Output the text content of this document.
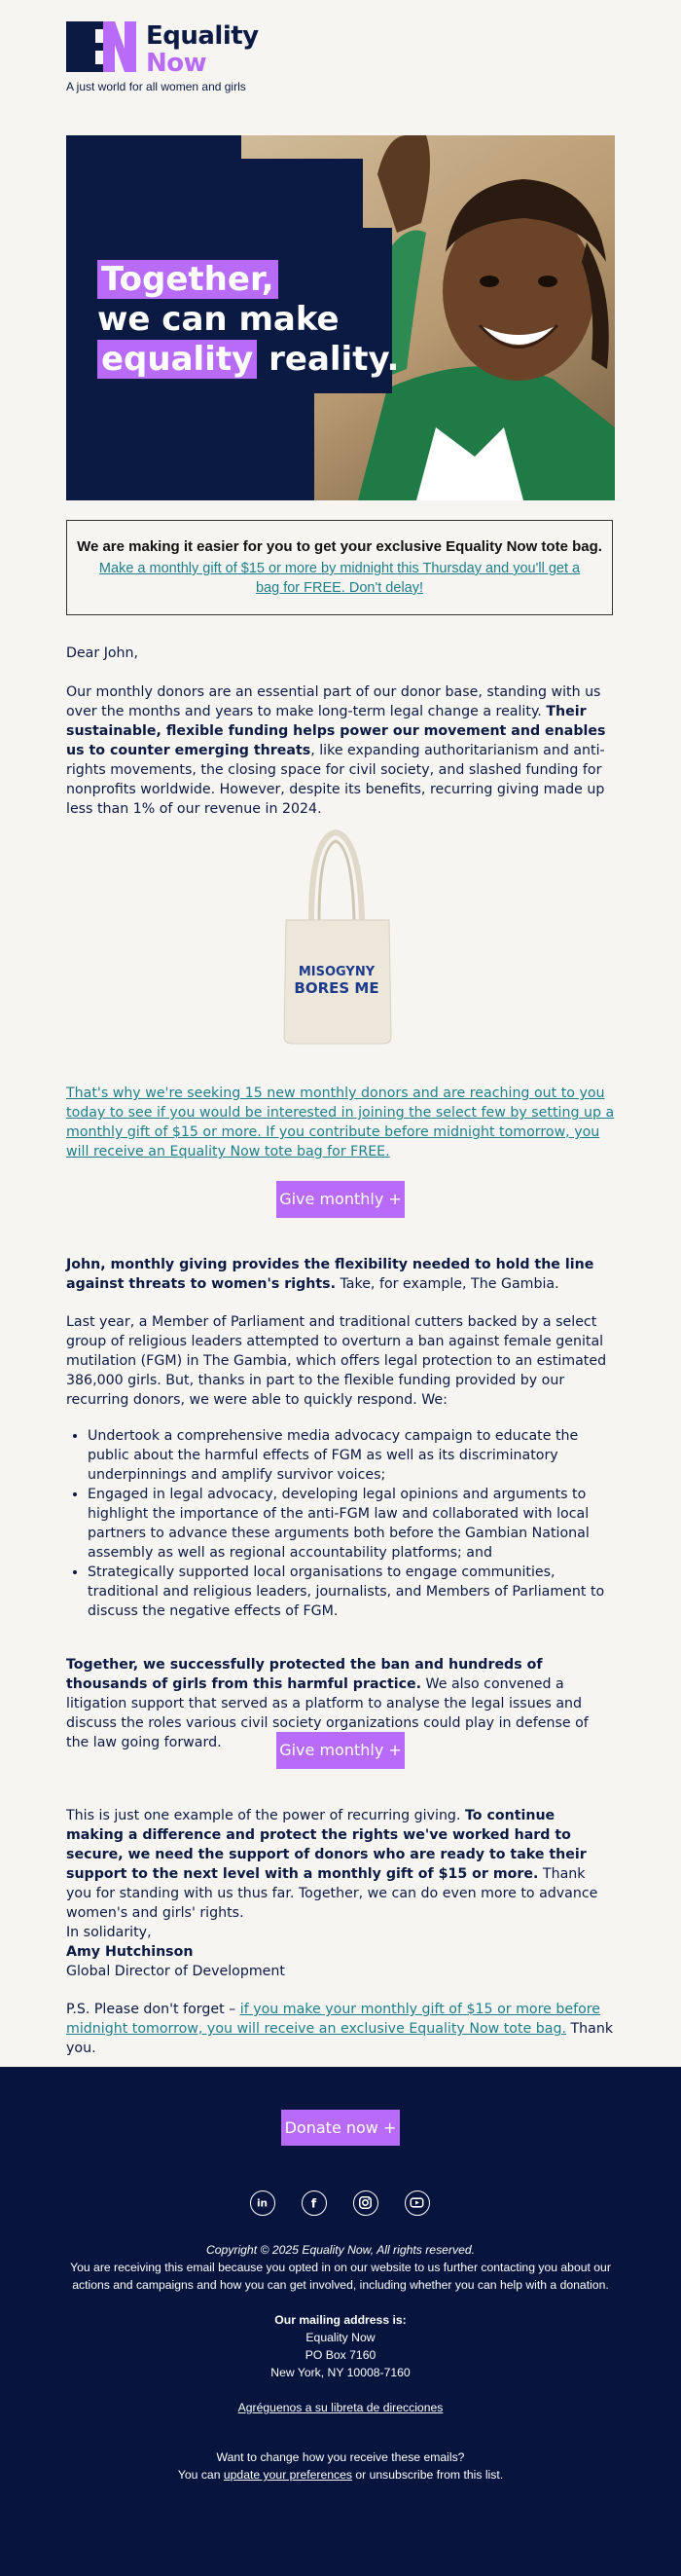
Equality
Now
A just world for all women and girls
Together,
we can make
equality reality.
We are making it easier for you to get your exclusive Equality Now tote bag.
Make a monthly gift of $15 or more by midnight this Thursday and you'll get a bag for FREE. Don't delay!
Dear John,
Our monthly donors are an essential part of our donor base, standing with us over the months and years to make long-term legal change a reality. Their sustainable, flexible funding helps power our movement and enables us to counter emerging threats, like expanding authoritarianism and anti-rights movements, the closing space for civil society, and slashed funding for nonprofits worldwide. However, despite its benefits, recurring giving made up less than 1% of our revenue in 2024.
MISOGYNY
BORES ME
That's why we're seeking 15 new monthly donors and are reaching out to you today to see if you would be interested in joining the select few by setting up a monthly gift of $15 or more. If you contribute before midnight tomorrow, you will receive an Equality Now tote bag for FREE.
Give monthly +
John, monthly giving provides the flexibility needed to hold the line against threats to women's rights. Take, for example, The Gambia.
Last year, a Member of Parliament and traditional cutters backed by a select group of religious leaders attempted to overturn a ban against female genital mutilation (FGM) in The Gambia, which offers legal protection to an estimated 386,000 girls. But, thanks in part to the flexible funding provided by our recurring donors, we were able to quickly respond. We:
• Undertook a comprehensive media advocacy campaign to educate the public about the harmful effects of FGM as well as its discriminatory underpinnings and amplify survivor voices;
• Engaged in legal advocacy, developing legal opinions and arguments to highlight the importance of the anti-FGM law and collaborated with local partners to advance these arguments both before the Gambian National assembly as well as regional accountability platforms; and
• Strategically supported local organisations to engage communities, traditional and religious leaders, journalists, and Members of Parliament to discuss the negative effects of FGM.
Together, we successfully protected the ban and hundreds of thousands of girls from this harmful practice. We also convened a litigation support that served as a platform to analyse the legal issues and discuss the roles various civil society organizations could play in defense of the law going forward.	Give monthly +
This is just one example of the power of recurring giving. To continue making a difference and protect the rights we've worked hard to secure, we need the support of donors who are ready to take their support to the next level with a monthly gift of $15 or more. Thank you for standing with us thus far. Together, we can do even more to advance women's and girls' rights.
In solidarity,
Amy Hutchinson
Global Director of Development
P.S. Please don't forget – if you make your monthly gift of $15 or more before midnight tomorrow, you will receive an exclusive Equality Now tote bag. Thank you.
Donate now +
in	f
Copyright © 2025 Equality Now, All rights reserved.
You are receiving this email because you opted in on our website to us further contacting you about our actions and campaigns and how you can get involved, including whether you can help with a donation.
Our mailing address is:
Equality Now
PO Box 7160
New York, NY 10008-7160
Agréguenos a su libreta de direcciones
Want to change how you receive these emails?
You can update your preferences or unsubscribe from this list.
